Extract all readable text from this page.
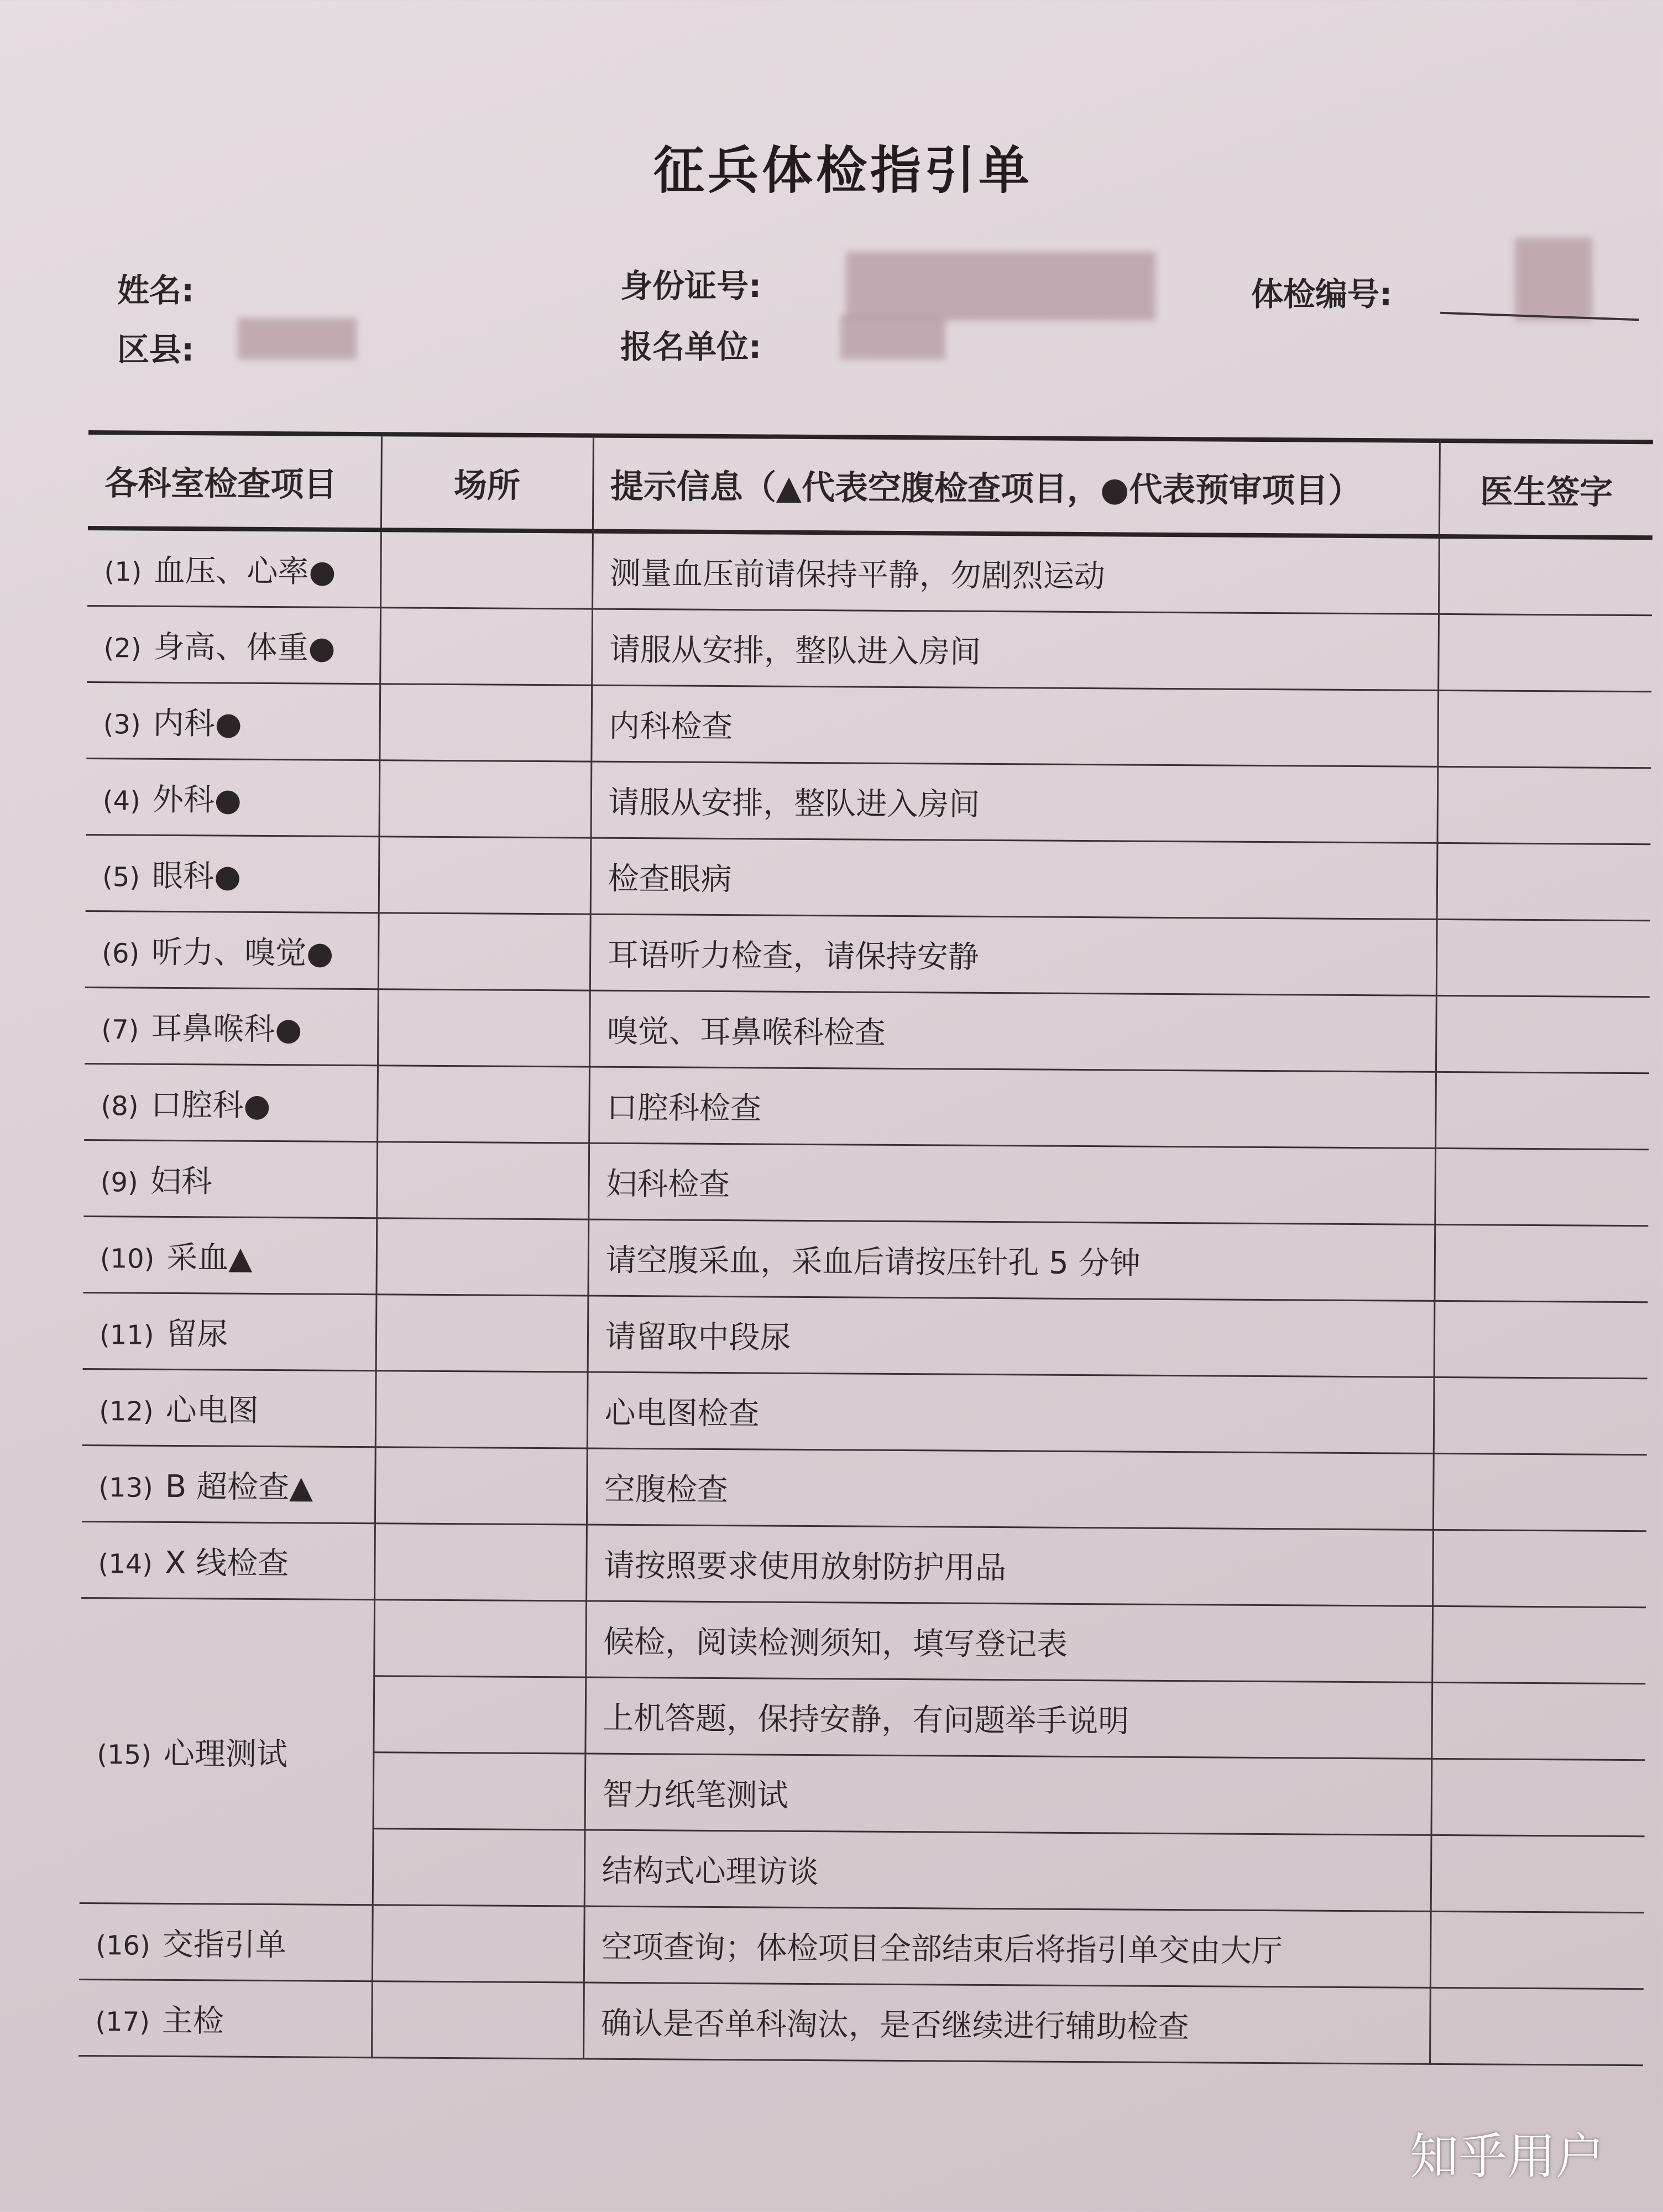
征兵体检指引单
姓名:
区县:
身份证号:
报名单位:
体检编号:
各科室检查项目	场所	提示信息（▲代表空腹检查项目，●代表预审项目）	医生签字
(1) 血压、心率●		测量血压前请保持平静，勿剧烈运动	
(2) 身高、体重●		请服从安排，整队进入房间	
(3) 内科●		内科检查	
(4) 外科●		请服从安排，整队进入房间	
(5) 眼科●		检查眼病	
(6) 听力、嗅觉●		耳语听力检查，请保持安静	
(7) 耳鼻喉科●		嗅觉、耳鼻喉科检查	
(8) 口腔科●		口腔科检查	
(9) 妇科		妇科检查	
(10) 采血▲		请空腹采血，采血后请按压针孔 5 分钟	
(11) 留尿		请留取中段尿	
(12) 心电图		心电图检查	
(13) B 超检查▲		空腹检查	
(14) X 线检查		请按照要求使用放射防护用品	
(15) 心理测试		候检，阅读检测须知，填写登记表	
		上机答题，保持安静，有问题举手说明	
		智力纸笔测试	
		结构式心理访谈	
(16) 交指引单		空项查询；体检项目全部结束后将指引单交由大厅	
(17) 主检		确认是否单科淘汰，是否继续进行辅助检查	
知乎用户
